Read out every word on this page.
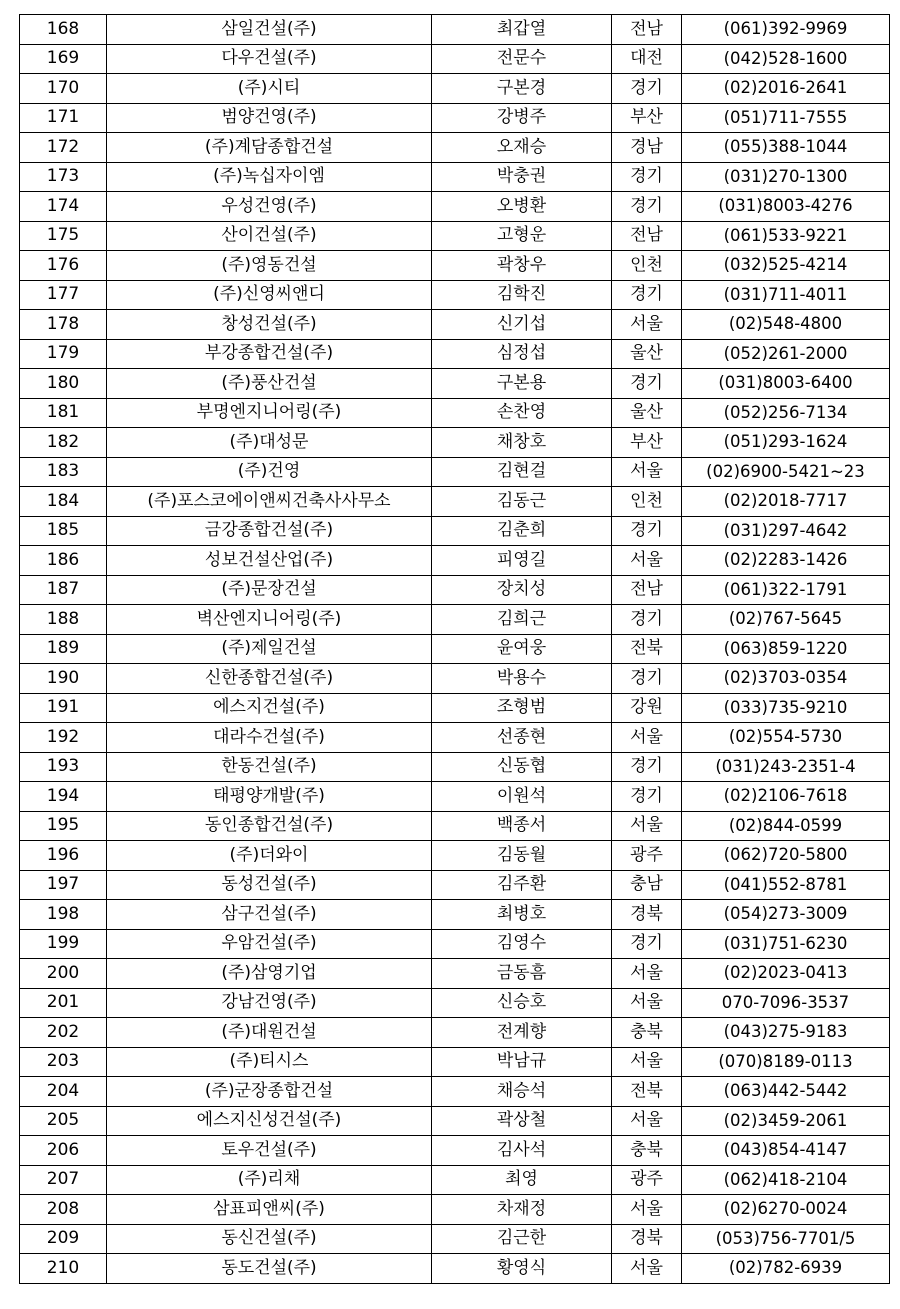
168	삼일건설(주)	최갑열	전남	(061)392-9969
169	다우건설(주)	전문수	대전	(042)528-1600
170	(주)시티	구본경	경기	(02)2016-2641
171	범양건영(주)	강병주	부산	(051)711-7555
172	(주)계담종합건설	오재승	경남	(055)388-1044
173	(주)녹십자이엠	박충권	경기	(031)270-1300
174	우성건영(주)	오병환	경기	(031)8003-4276
175	산이건설(주)	고형운	전남	(061)533-9221
176	(주)영동건설	곽창우	인천	(032)525-4214
177	(주)신영씨앤디	김학진	경기	(031)711-4011
178	창성건설(주)	신기섭	서울	(02)548-4800
179	부강종합건설(주)	심정섭	울산	(052)261-2000
180	(주)풍산건설	구본용	경기	(031)8003-6400
181	부명엔지니어링(주)	손찬영	울산	(052)256-7134
182	(주)대성문	채창호	부산	(051)293-1624
183	(주)건영	김현걸	서울	(02)6900-5421~23
184	(주)포스코에이앤씨건축사사무소	김동근	인천	(02)2018-7717
185	금강종합건설(주)	김춘희	경기	(031)297-4642
186	성보건설산업(주)	피영길	서울	(02)2283-1426
187	(주)문장건설	장치성	전남	(061)322-1791
188	벽산엔지니어링(주)	김희근	경기	(02)767-5645
189	(주)제일건설	윤여웅	전북	(063)859-1220
190	신한종합건설(주)	박용수	경기	(02)3703-0354
191	에스지건설(주)	조형범	강원	(033)735-9210
192	대라수건설(주)	선종현	서울	(02)554-5730
193	한동건설(주)	신동협	경기	(031)243-2351-4
194	태평양개발(주)	이원석	경기	(02)2106-7618
195	동인종합건설(주)	백종서	서울	(02)844-0599
196	(주)더와이	김동월	광주	(062)720-5800
197	동성건설(주)	김주환	충남	(041)552-8781
198	삼구건설(주)	최병호	경북	(054)273-3009
199	우암건설(주)	김영수	경기	(031)751-6230
200	(주)삼영기업	금동흠	서울	(02)2023-0413
201	강남건영(주)	신승호	서울	070-7096-3537
202	(주)대원건설	전계향	충북	(043)275-9183
203	(주)티시스	박남규	서울	(070)8189-0113
204	(주)군장종합건설	채승석	전북	(063)442-5442
205	에스지신성건설(주)	곽상철	서울	(02)3459-2061
206	토우건설(주)	김사석	충북	(043)854-4147
207	(주)리채	최영	광주	(062)418-2104
208	삼표피앤씨(주)	차재정	서울	(02)6270-0024
209	동신건설(주)	김근한	경북	(053)756-7701/5
210	동도건설(주)	황영식	서울	(02)782-6939
